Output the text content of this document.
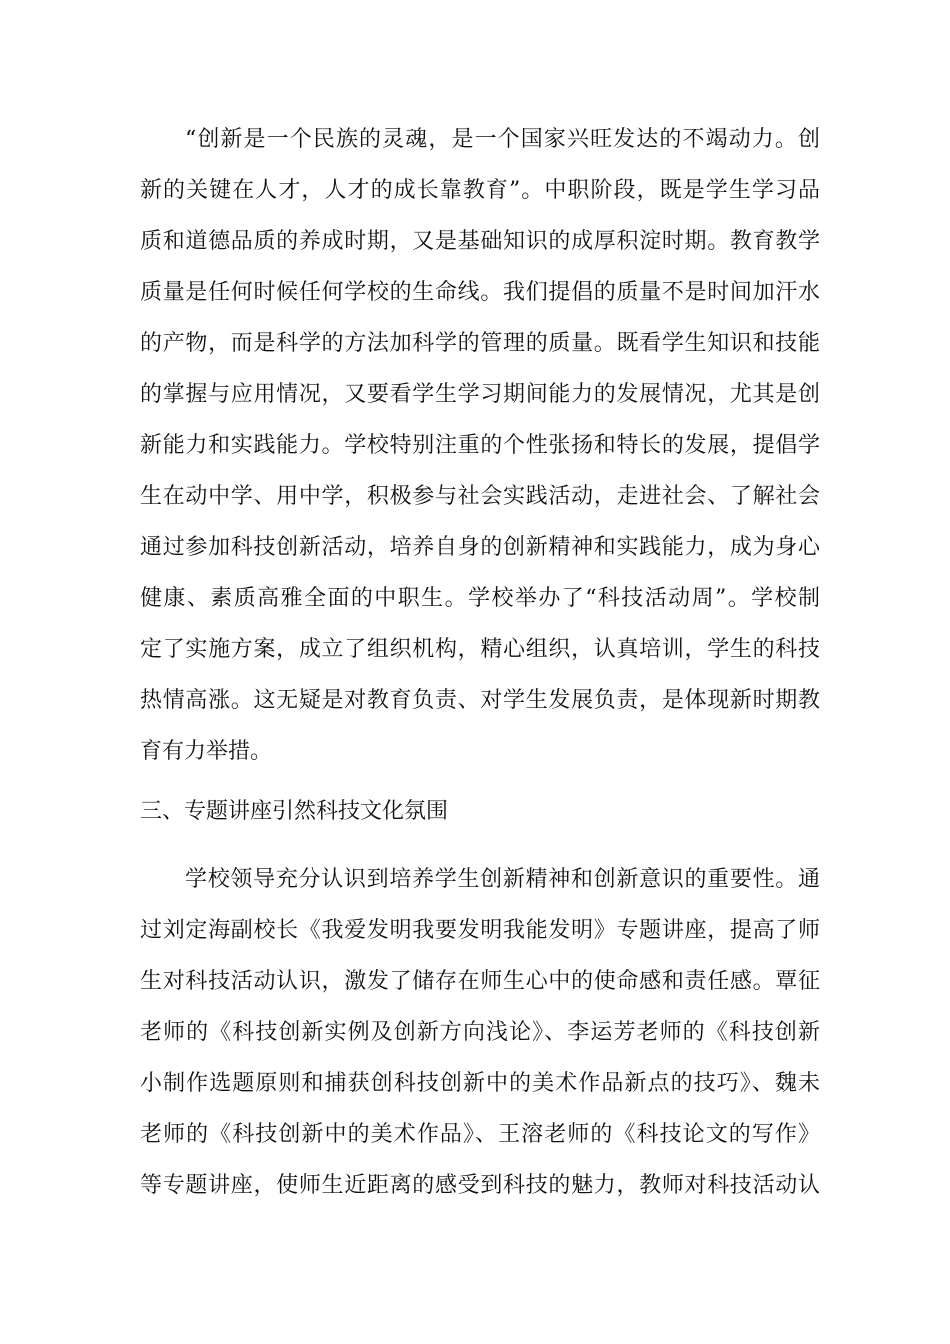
“创新是一个民族的灵魂，是一个国家兴旺发达的不竭动力。创
新的关键在人才，人才的成长靠教育”。中职阶段，既是学生学习品
质和道德品质的养成时期，又是基础知识的成厚积淀时期。教育教学
质量是任何时候任何学校的生命线。我们提倡的质量不是时间加汗水
的产物，而是科学的方法加科学的管理的质量。既看学生知识和技能
的掌握与应用情况，又要看学生学习期间能力的发展情况，尤其是创
新能力和实践能力。学校特别注重的个性张扬和特长的发展，提倡学
生在动中学、用中学，积极参与社会实践活动，走进社会、了解社会
通过参加科技创新活动，培养自身的创新精神和实践能力，成为身心
健康、素质高雅全面的中职生。学校举办了“科技活动周”。学校制
定了实施方案，成立了组织机构，精心组织，认真培训，学生的科技
热情高涨。这无疑是对教育负责、对学生发展负责，是体现新时期教
育有力举措。
三、专题讲座引然科技文化氛围
学校领导充分认识到培养学生创新精神和创新意识的重要性。通
过刘定海副校长《我爱发明我要发明我能发明》专题讲座，提高了师
生对科技活动认识，激发了储存在师生心中的使命感和责任感。覃征
老师的《科技创新实例及创新方向浅论》、李运芳老师的《科技创新
小制作选题原则和捕获创科技创新中的美术作品新点的技巧》、魏未
老师的《科技创新中的美术作品》、王溶老师的《科技论文的写作》
等专题讲座，使师生近距离的感受到科技的魅力，教师对科技活动认
